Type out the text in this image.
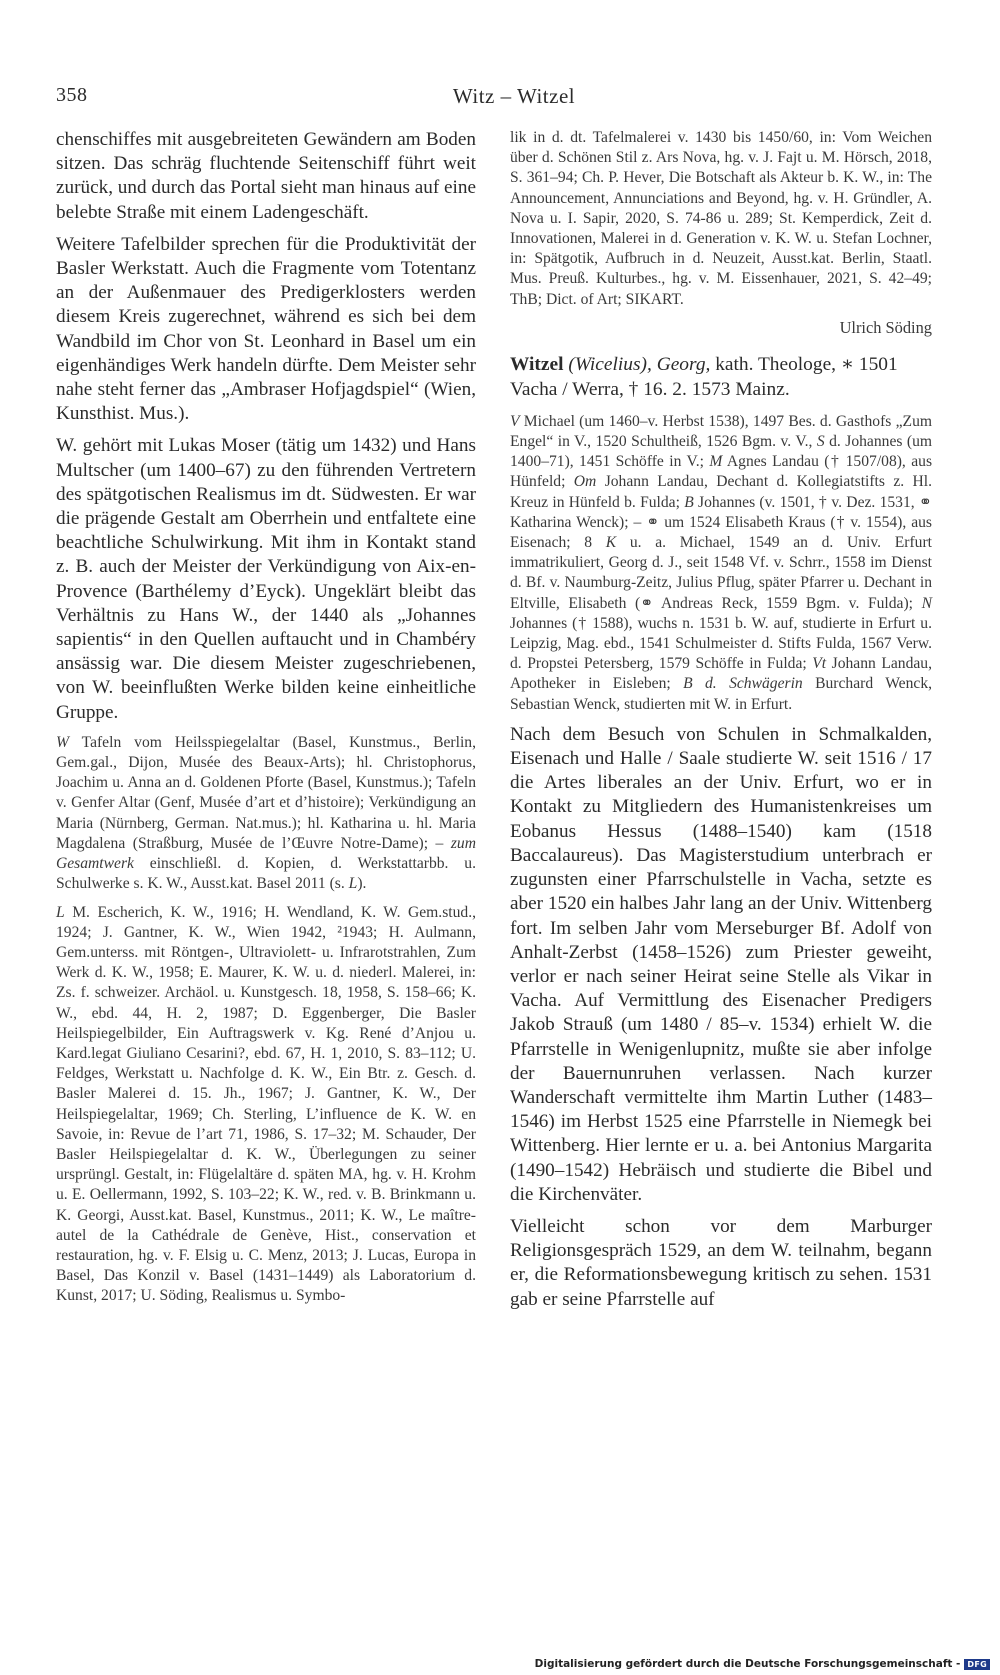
358	Witz – Witzel

chenschiffes mit ausgebreiteten Gewändern am Boden sitzen. Das schräg fluchtende Seitenschiff führt weit zurück, und durch das Portal sieht man hinaus auf eine belebte Straße mit einem Ladengeschäft.

Weitere Tafelbilder sprechen für die Produktivität der Basler Werkstatt. Auch die Fragmente vom Totentanz an der Außenmauer des Predigerklosters werden diesem Kreis zugerechnet, während es sich bei dem Wandbild im Chor von St. Leonhard in Basel um ein eigenhändiges Werk handeln dürfte. Dem Meister sehr nahe steht ferner das „Ambraser Hofjagdspiel“ (Wien, Kunsthist. Mus.).

W. gehört mit Lukas Moser (tätig um 1432) und Hans Multscher (um 1400–67) zu den führenden Vertretern des spätgotischen Realismus im dt. Südwesten. Er war die prägende Gestalt am Oberrhein und entfaltete eine beachtliche Schulwirkung. Mit ihm in Kontakt stand z. B. auch der Meister der Verkündigung von Aix-en-Provence (Barthélemy d’Eyck). Ungeklärt bleibt das Verhältnis zu Hans W., der 1440 als „Johannes sapientis“ in den Quellen auftaucht und in Chambéry ansässig war. Die diesem Meister zugeschriebenen, von W. beeinflußten Werke bilden keine einheitliche Gruppe.

W Tafeln vom Heilsspiegelaltar (Basel, Kunstmus., Berlin, Gem.gal., Dijon, Musée des Beaux-Arts); hl. Christophorus, Joachim u. Anna an d. Goldenen Pforte (Basel, Kunstmus.); Tafeln v. Genfer Altar (Genf, Musée d’art et d’histoire); Verkündigung an Maria (Nürnberg, German. Nat.mus.); hl. Katharina u. hl. Maria Magdalena (Straßburg, Musée de l’Œuvre Notre-Dame); – zum Gesamtwerk einschließl. d. Kopien, d. Werkstattarbb. u. Schulwerke s. K. W., Ausst.kat. Basel 2011 (s. L).

L M. Escherich, K. W., 1916; H. Wendland, K. W. Gem.stud., 1924; J. Gantner, K. W., Wien 1942, ²1943; H. Aulmann, Gem.unterss. mit Röntgen-, Ultraviolett- u. Infrarotstrahlen, Zum Werk d. K. W., 1958; E. Maurer, K. W. u. d. niederl. Malerei, in: Zs. f. schweizer. Archäol. u. Kunstgesch. 18, 1958, S. 158–66; K. W., ebd. 44, H. 2, 1987; D. Eggenberger, Die Basler Heilspiegelbilder, Ein Auftragswerk v. Kg. René d’Anjou u. Kard.legat Giuliano Cesarini?, ebd. 67, H. 1, 2010, S. 83–112; U. Feldges, Werkstatt u. Nachfolge d. K. W., Ein Btr. z. Gesch. d. Basler Malerei d. 15. Jh., 1967; J. Gantner, K. W., Der Heilspiegelaltar, 1969; Ch. Sterling, L’influence de K. W. en Savoie, in: Revue de l’art 71, 1986, S. 17–32; M. Schauder, Der Basler Heilspiegelaltar d. K. W., Überlegungen zu seiner ursprüngl. Gestalt, in: Flügelaltäre d. späten MA, hg. v. H. Krohm u. E. Oellermann, 1992, S. 103–22; K. W., red. v. B. Brinkmann u. K. Georgi, Ausst.kat. Basel, Kunstmus., 2011; K. W., Le maître-autel de la Cathédrale de Genève, Hist., conservation et restauration, hg. v. F. Elsig u. C. Menz, 2013; J. Lucas, Europa in Basel, Das Konzil v. Basel (1431–1449) als Laboratorium d. Kunst, 2017; U. Söding, Realismus u. Symbo-

lik in d. dt. Tafelmalerei v. 1430 bis 1450/60, in: Vom Weichen über d. Schönen Stil z. Ars Nova, hg. v. J. Fajt u. M. Hörsch, 2018, S. 361–94; Ch. P. Hever, Die Botschaft als Akteur b. K. W., in: The Announcement, Annunciations and Beyond, hg. v. H. Gründler, A. Nova u. I. Sapir, 2020, S. 74-86 u. 289; St. Kemperdick, Zeit d. Innovationen, Malerei in d. Generation v. K. W. u. Stefan Lochner, in: Spätgotik, Aufbruch in d. Neuzeit, Ausst.kat. Berlin, Staatl. Mus. Preuß. Kulturbes., hg. v. M. Eissenhauer, 2021, S. 42–49; ThB; Dict. of Art; SIKART.

Ulrich Söding

Witzel (Wicelius), Georg, kath. Theologe, ∗ 1501 Vacha / Werra, † 16. 2. 1573 Mainz.

V Michael (um 1460–v. Herbst 1538), 1497 Bes. d. Gasthofs „Zum Engel“ in V., 1520 Schultheiß, 1526 Bgm. v. V., S d. Johannes (um 1400–71), 1451 Schöffe in V.; M Agnes Landau († 1507/08), aus Hünfeld; Om Johann Landau, Dechant d. Kollegiatstifts z. Hl. Kreuz in Hünfeld b. Fulda; B Johannes (v. 1501, † v. Dez. 1531, ⚭ Katharina Wenck); – ⚭ um 1524 Elisabeth Kraus († v. 1554), aus Eisenach; 8 K u. a. Michael, 1549 an d. Univ. Erfurt immatrikuliert, Georg d. J., seit 1548 Vf. v. Schrr., 1558 im Dienst d. Bf. v. Naumburg-Zeitz, Julius Pflug, später Pfarrer u. Dechant in Eltville, Elisabeth (⚭ Andreas Reck, 1559 Bgm. v. Fulda); N Johannes († 1588), wuchs n. 1531 b. W. auf, studierte in Erfurt u. Leipzig, Mag. ebd., 1541 Schulmeister d. Stifts Fulda, 1567 Verw. d. Propstei Petersberg, 1579 Schöffe in Fulda; Vt Johann Landau, Apotheker in Eisleben; B d. Schwägerin Burchard Wenck, Sebastian Wenck, studierten mit W. in Erfurt.

Nach dem Besuch von Schulen in Schmalkalden, Eisenach und Halle / Saale studierte W. seit 1516 / 17 die Artes liberales an der Univ. Erfurt, wo er in Kontakt zu Mitgliedern des Humanistenkreises um Eobanus Hessus (1488–1540) kam (1518 Baccalaureus). Das Magisterstudium unterbrach er zugunsten einer Pfarrschulstelle in Vacha, setzte es aber 1520 ein halbes Jahr lang an der Univ. Wittenberg fort. Im selben Jahr vom Merseburger Bf. Adolf von Anhalt-Zerbst (1458–1526) zum Priester geweiht, verlor er nach seiner Heirat seine Stelle als Vikar in Vacha. Auf Vermittlung des Eisenacher Predigers Jakob Strauß (um 1480 / 85–v. 1534) erhielt W. die Pfarrstelle in Wenigenlupnitz, mußte sie aber infolge der Bauernunruhen verlassen. Nach kurzer Wanderschaft vermittelte ihm Martin Luther (1483–1546) im Herbst 1525 eine Pfarrstelle in Niemegk bei Wittenberg. Hier lernte er u. a. bei Antonius Margarita (1490–1542) Hebräisch und studierte die Bibel und die Kirchenväter.

Vielleicht schon vor dem Marburger Religionsgespräch 1529, an dem W. teilnahm, begann er, die Reformationsbewegung kritisch zu sehen. 1531 gab er seine Pfarrstelle auf

Digitalisierung gefördert durch die Deutsche Forschungsgemeinschaft - DFG
